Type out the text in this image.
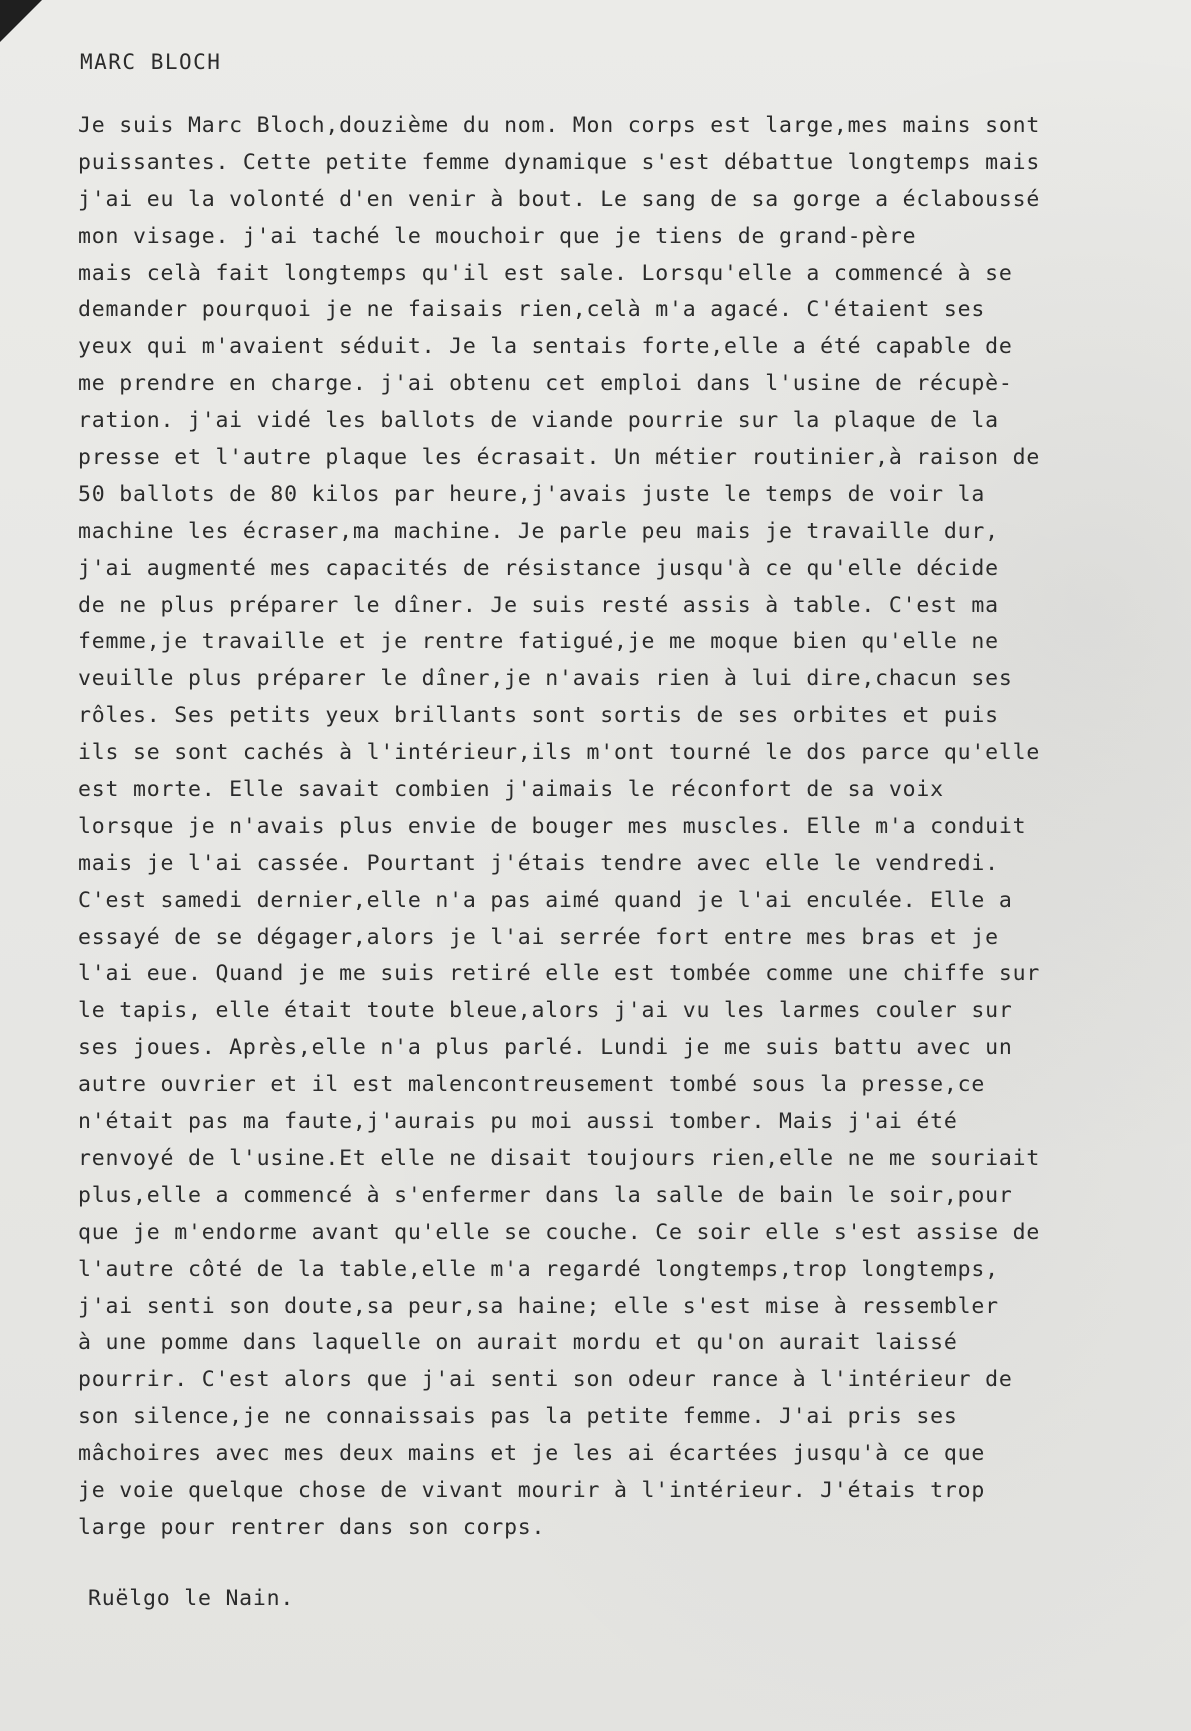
MARC BLOCH
Je suis Marc Bloch,douzième du nom. Mon corps est large,mes mains sont
puissantes. Cette petite femme dynamique s'est débattue longtemps mais
j'ai eu la volonté d'en venir à bout. Le sang de sa gorge a éclaboussé
mon visage. j'ai taché le mouchoir que je tiens de grand-père
mais celà fait longtemps qu'il est sale. Lorsqu'elle a commencé à se
demander pourquoi je ne faisais rien,celà m'a agacé. C'étaient ses
yeux qui m'avaient séduit. Je la sentais forte,elle a été capable de
me prendre en charge. j'ai obtenu cet emploi dans l'usine de récupè-
ration. j'ai vidé les ballots de viande pourrie sur la plaque de la
presse et l'autre plaque les écrasait. Un métier routinier,à raison de
50 ballots de 80 kilos par heure,j'avais juste le temps de voir la
machine les écraser,ma machine. Je parle peu mais je travaille dur,
j'ai augmenté mes capacités de résistance jusqu'à ce qu'elle décide
de ne plus préparer le dîner. Je suis resté assis à table. C'est ma
femme,je travaille et je rentre fatigué,je me moque bien qu'elle ne
veuille plus préparer le dîner,je n'avais rien à lui dire,chacun ses
rôles. Ses petits yeux brillants sont sortis de ses orbites et puis
ils se sont cachés à l'intérieur,ils m'ont tourné le dos parce qu'elle
est morte. Elle savait combien j'aimais le réconfort de sa voix
lorsque je n'avais plus envie de bouger mes muscles. Elle m'a conduit
mais je l'ai cassée. Pourtant j'étais tendre avec elle le vendredi.
C'est samedi dernier,elle n'a pas aimé quand je l'ai enculée. Elle a
essayé de se dégager,alors je l'ai serrée fort entre mes bras et je
l'ai eue. Quand je me suis retiré elle est tombée comme une chiffe sur
le tapis, elle était toute bleue,alors j'ai vu les larmes couler sur
ses joues. Après,elle n'a plus parlé. Lundi je me suis battu avec un
autre ouvrier et il est malencontreusement tombé sous la presse,ce
n'était pas ma faute,j'aurais pu moi aussi tomber. Mais j'ai été
renvoyé de l'usine.Et elle ne disait toujours rien,elle ne me souriait
plus,elle a commencé à s'enfermer dans la salle de bain le soir,pour
que je m'endorme avant qu'elle se couche. Ce soir elle s'est assise de
l'autre côté de la table,elle m'a regardé longtemps,trop longtemps,
j'ai senti son doute,sa peur,sa haine; elle s'est mise à ressembler
à une pomme dans laquelle on aurait mordu et qu'on aurait laissé
pourrir. C'est alors que j'ai senti son odeur rance à l'intérieur de
son silence,je ne connaissais pas la petite femme. J'ai pris ses
mâchoires avec mes deux mains et je les ai écartées jusqu'à ce que
je voie quelque chose de vivant mourir à l'intérieur. J'étais trop
large pour rentrer dans son corps.
Ruëlgo le Nain.
